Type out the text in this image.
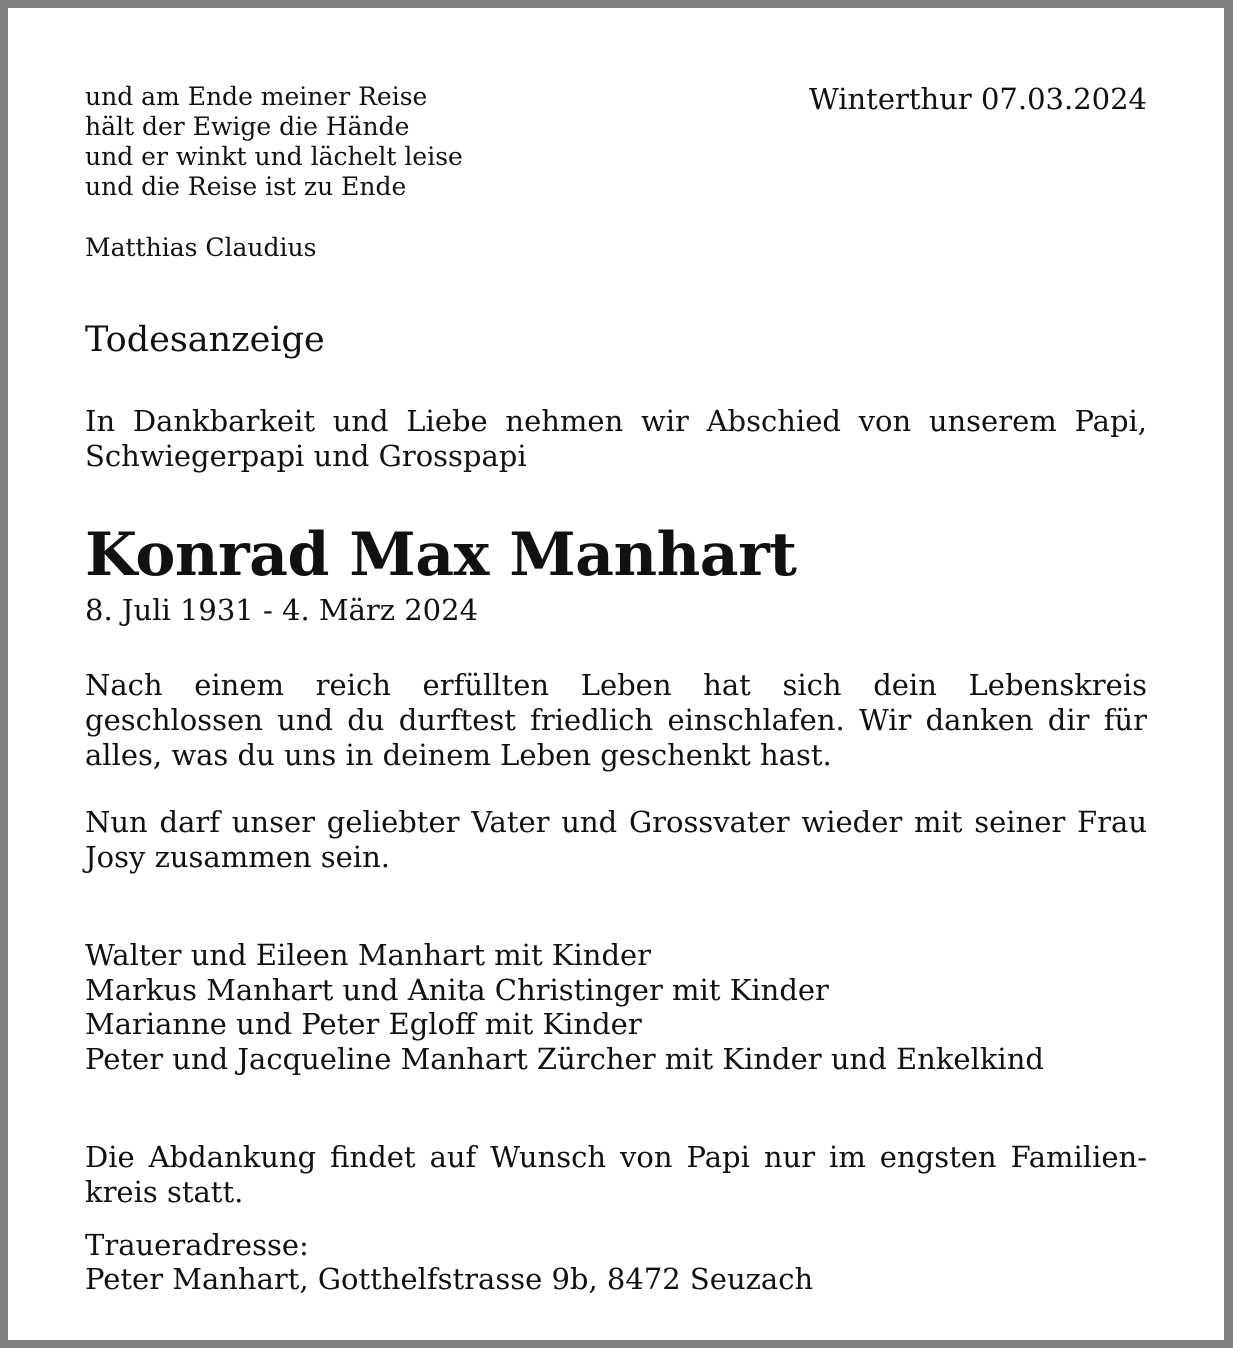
und am Ende meiner Reise
hält der Ewige die Hände
und er winkt und lächelt leise
und die Reise ist zu Ende
Matthias Claudius
Winterthur 07.03.2024
Todesanzeige
In Dankbarkeit und Liebe nehmen wir Abschied von unserem Papi, Schwiegerpapi und Grosspapi
Konrad Max Manhart
8. Juli 1931 - 4. März 2024
Nach einem reich erfüllten Leben hat sich dein Lebenskreis geschlossen und du durftest friedlich einschlafen. Wir danken dir für alles, was du uns in deinem Leben geschenkt hast.
Nun darf unser geliebter Vater und Grossvater wieder mit seiner Frau Josy zusammen sein.
Walter und Eileen Manhart mit Kinder
Markus Manhart und Anita Christinger mit Kinder
Marianne und Peter Egloff mit Kinder
Peter und Jacqueline Manhart Zürcher mit Kinder und Enkelkind
Die Abdankung findet auf Wunsch von Papi nur im engsten Familienkreis statt.
Traueradresse:
Peter Manhart, Gotthelfstrasse 9b, 8472 Seuzach
